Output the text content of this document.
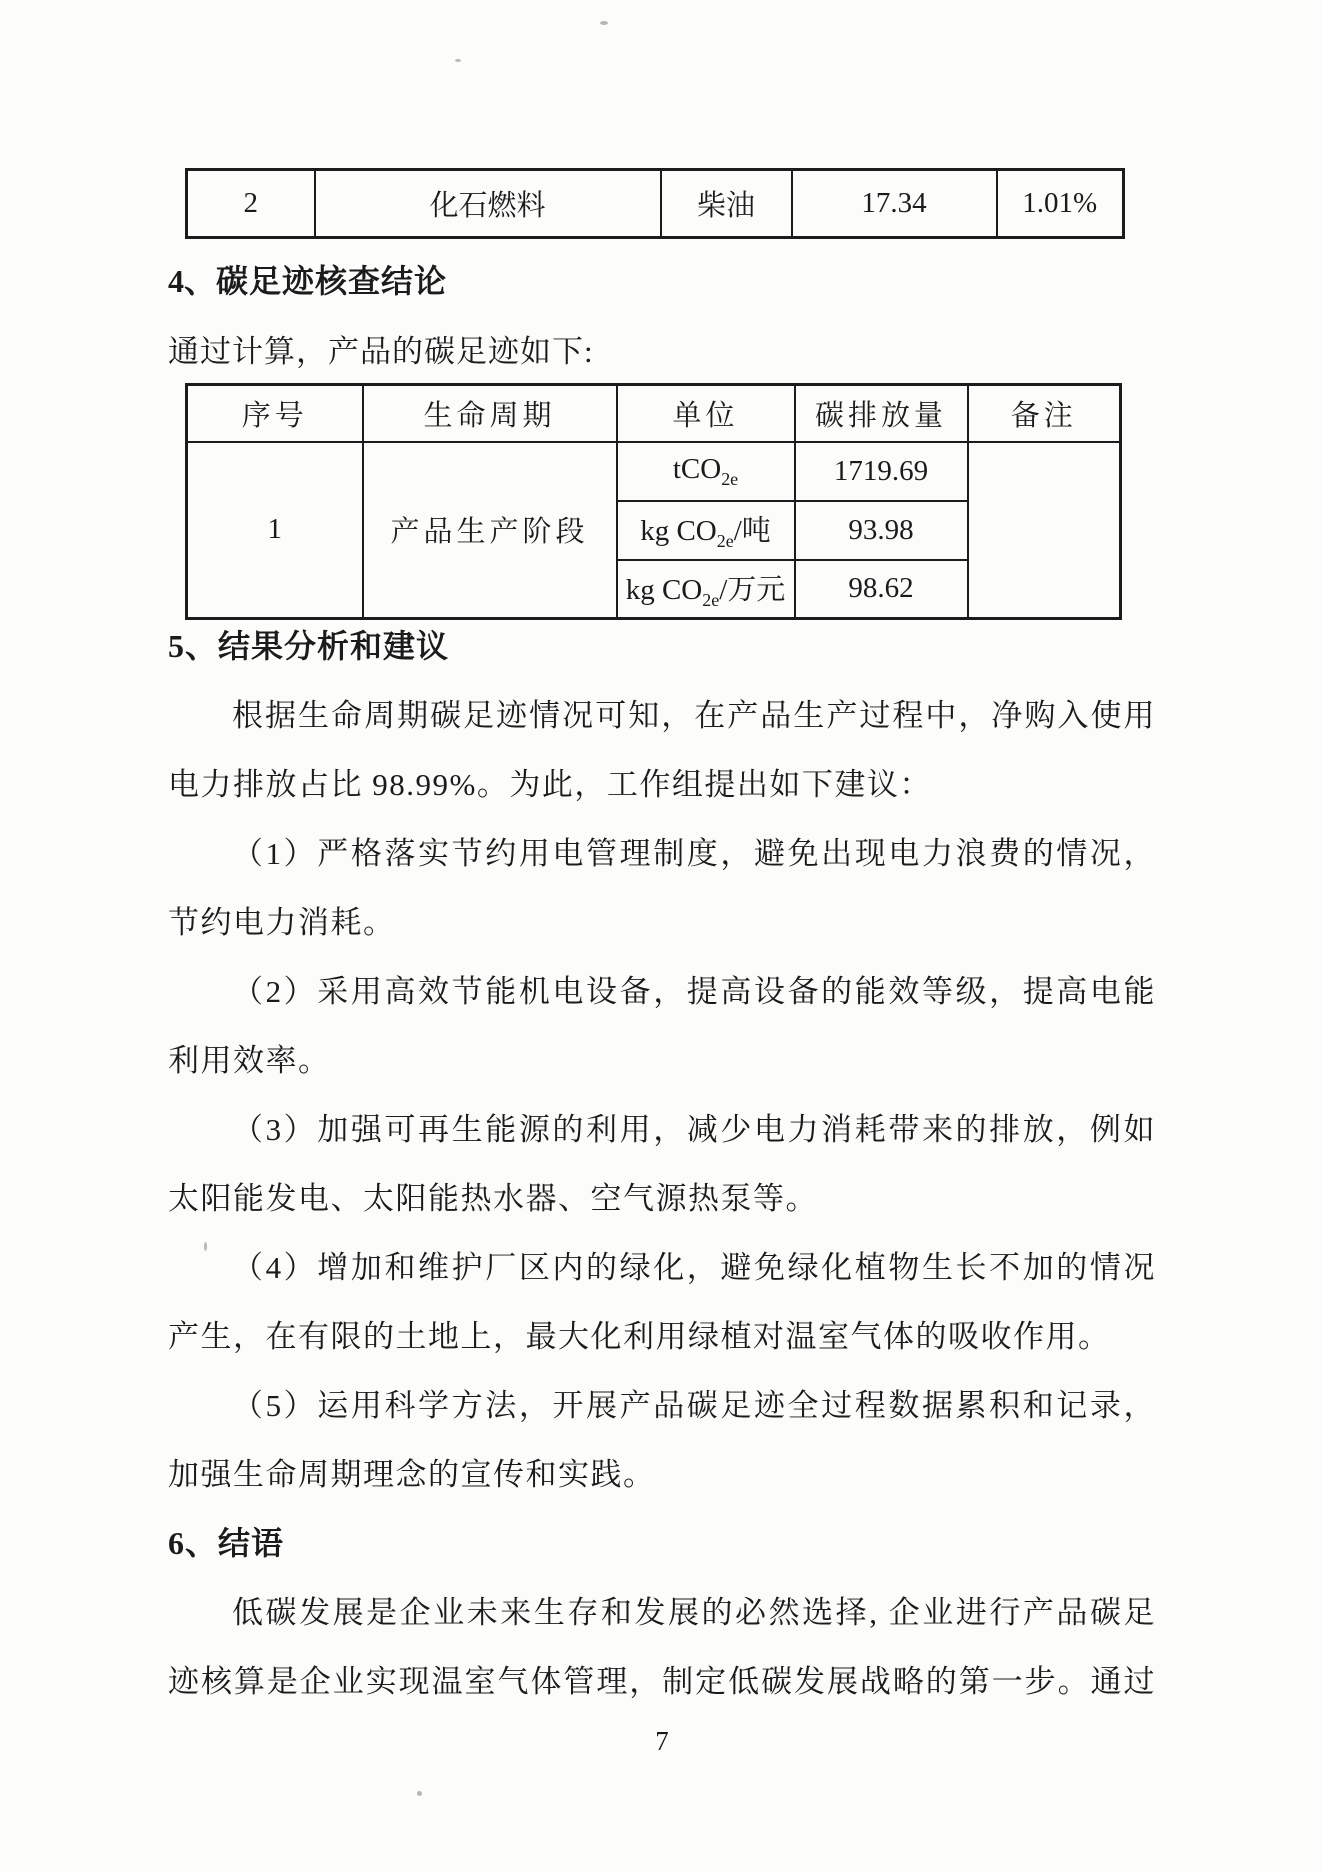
2	化石燃料	柴油	17.34	1.01%
4、碳足迹核查结论
通过计算，产品的碳足迹如下:
序号	生命周期	单位	碳排放量	备注
1	产品生产阶段	tCO$_{2e}$	1719.69	
		kg $CO_{2e}/$吨	93.98	
		kg $CO_{2e}/$万元	98.62	
5、结果分析和建议
根据生命周期碳足迹情况可知，在产品生产过程中，净购入使用
电力排放占比 98.99%。为此，工作组提出如下建议：
（1）严格落实节约用电管理制度，避免出现电力浪费的情况，
节约电力消耗。
（2）采用高效节能机电设备，提高设备的能效等级，提高电能
利用效率。
（3）加强可再生能源的利用，减少电力消耗带来的排放，例如
太阳能发电、太阳能热水器、空气源热泵等。
（4）增加和维护厂区内的绿化，避免绿化植物生长不加的情况
产生，在有限的土地上，最大化利用绿植对温室气体的吸收作用。
（5）运用科学方法，开展产品碳足迹全过程数据累积和记录，
加强生命周期理念的宣传和实践。
6、结语
低碳发展是企业未来生存和发展的必然选择, 企业进行产品碳足
迹核算是企业实现温室气体管理，制定低碳发展战略的第一步。通过
7
